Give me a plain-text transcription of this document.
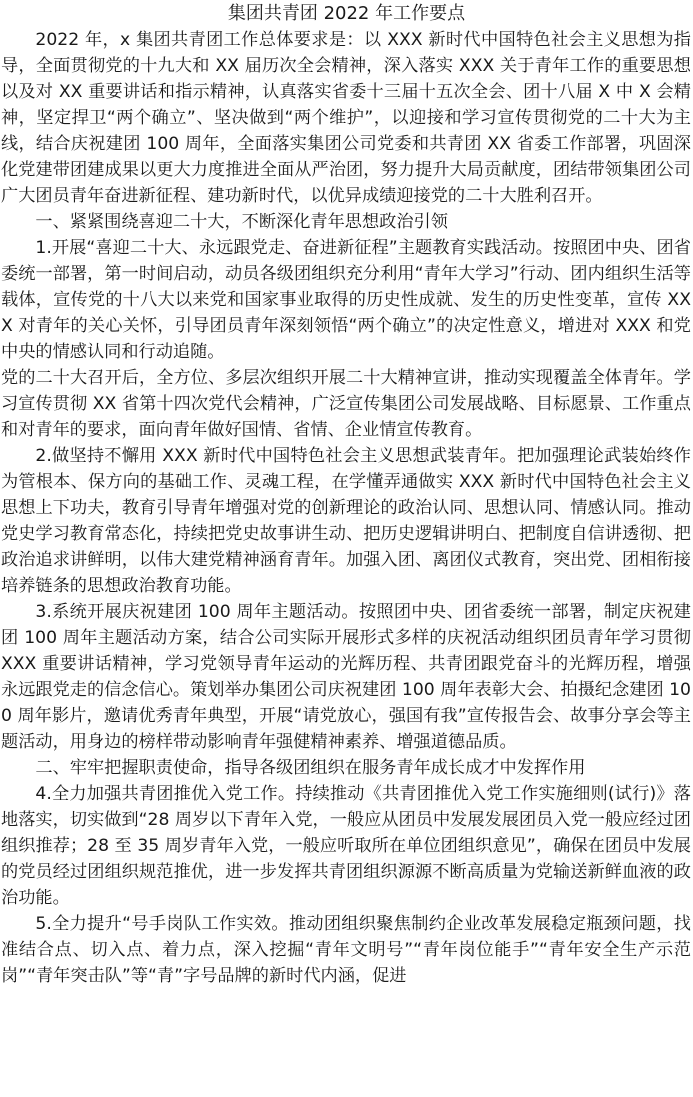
集团共青团 2022 年工作要点

2022 年，x 集团共青团工作总体要求是：以 XXX 新时代中国特色社会主义思想为指导，全面贯彻党的十九大和 XX 届历次全会精神，深入落实 XXX 关于青年工作的重要思想以及对 XX 重要讲话和指示精神，认真落实省委十三届十五次全会、团十八届 X 中 X 会精神，坚定捍卫“两个确立”、坚决做到“两个维护”，以迎接和学习宣传贯彻党的二十大为主线，结合庆祝建团 100 周年，全面落实集团公司党委和共青团 XX 省委工作部署，巩固深化党建带团建成果以更大力度推进全面从严治团，努力提升大局贡献度，团结带领集团公司广大团员青年奋进新征程、建功新时代，以优异成绩迎接党的二十大胜利召开。

一、紧紧围绕喜迎二十大，不断深化青年思想政治引领

1.开展“喜迎二十大、永远跟党走、奋进新征程”主题教育实践活动。按照团中央、团省委统一部署，第一时间启动，动员各级团组织充分利用“青年大学习”行动、团内组织生活等载体，宣传党的十八大以来党和国家事业取得的历史性成就、发生的历史性变革，宣传 XXX 对青年的关心关怀，引导团员青年深刻领悟“两个确立”的决定性意义，增进对 XXX 和党中央的情感认同和行动追随。

党的二十大召开后，全方位、多层次组织开展二十大精神宣讲，推动实现覆盖全体青年。学习宣传贯彻 XX 省第十四次党代会精神，广泛宣传集团公司发展战略、目标愿景、工作重点和对青年的要求，面向青年做好国情、省情、企业情宣传教育。

2.做坚持不懈用 XXX 新时代中国特色社会主义思想武装青年。把加强理论武装始终作为管根本、保方向的基础工作、灵魂工程，在学懂弄通做实 XXX 新时代中国特色社会主义思想上下功夫，教育引导青年增强对党的创新理论的政治认同、思想认同、情感认同。推动党史学习教育常态化，持续把党史故事讲生动、把历史逻辑讲明白、把制度自信讲透彻、把政治追求讲鲜明，以伟大建党精神涵育青年。加强入团、离团仪式教育，突出党、团相衔接培养链条的思想政治教育功能。

3.系统开展庆祝建团 100 周年主题活动。按照团中央、团省委统一部署，制定庆祝建团 100 周年主题活动方案，结合公司实际开展形式多样的庆祝活动组织团员青年学习贯彻 XXX 重要讲话精神，学习党领导青年运动的光辉历程、共青团跟党奋斗的光辉历程，增强永远跟党走的信念信心。策划举办集团公司庆祝建团 100 周年表彰大会、拍摄纪念建团 100 周年影片，邀请优秀青年典型，开展“请党放心，强国有我”宣传报告会、故事分享会等主题活动，用身边的榜样带动影响青年强健精神素养、增强道德品质。

二、牢牢把握职责使命，指导各级团组织在服务青年成长成才中发挥作用

4.全力加强共青团推优入党工作。持续推动《共青团推优入党工作实施细则(试行)》落地落实，切实做到“28 周岁以下青年入党，一般应从团员中发展发展团员入党一般应经过团组织推荐；28 至 35 周岁青年入党，一般应听取所在单位团组织意见”，确保在团员中发展的党员经过团组织规范推优，进一步发挥共青团组织源源不断高质量为党输送新鲜血液的政治功能。

5.全力提升“号手岗队工作实效。推动团组织聚焦制约企业改革发展稳定瓶颈问题，找准结合点、切入点、着力点，深入挖掘“青年文明号”“青年岗位能手”“青年安全生产示范岗”“青年突击队”等“青”字号品牌的新时代内涵，促进
